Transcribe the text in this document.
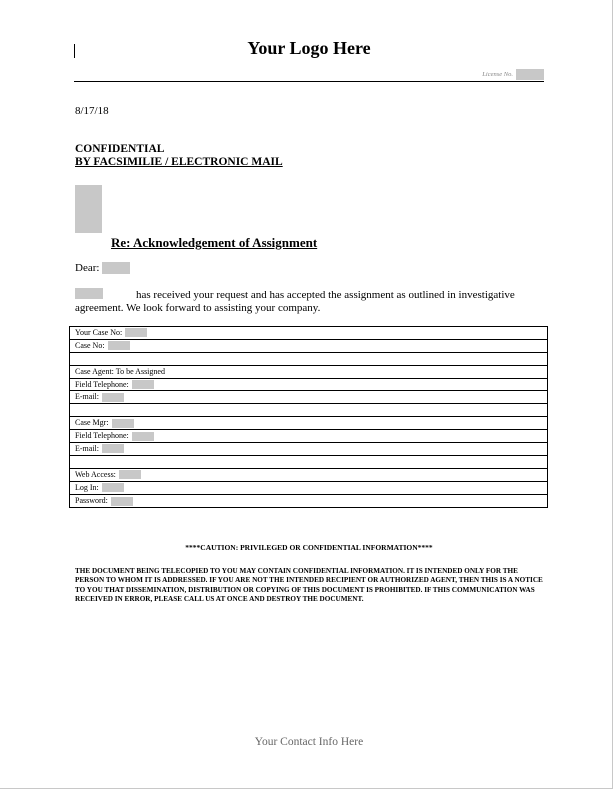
Your Logo Here
License No.
8/17/18
CONFIDENTIAL
BY FACSIMILIE / ELECTRONIC MAIL
Re: Acknowledgement of Assignment
Dear:
has received your request and has accepted the assignment as outlined in investigative agreement. We look forward to assisting your company.
Your Case No:
Case No:
Case Agent: To be Assigned
Field Telephone:
E-mail:
Case Mgr:
Field Telephone:
E-mail:
Web Access:
Log In:
Password:
****CAUTION: PRIVILEGED OR CONFIDENTIAL INFORMATION****
THE DOCUMENT BEING TELECOPIED TO YOU MAY CONTAIN CONFIDENTIAL INFORMATION. IT IS INTENDED ONLY FOR THE PERSON TO WHOM IT IS ADDRESSED. IF YOU ARE NOT THE INTENDED RECIPIENT OR AUTHORIZED AGENT, THEN THIS IS A NOTICE TO YOU THAT DISSEMINATION, DISTRIBUTION OR COPYING OF THIS DOCUMENT IS PROHIBITED. IF THIS COMMUNICATION WAS RECEIVED IN ERROR, PLEASE CALL US AT ONCE AND DESTROY THE DOCUMENT.
Your Contact Info Here
